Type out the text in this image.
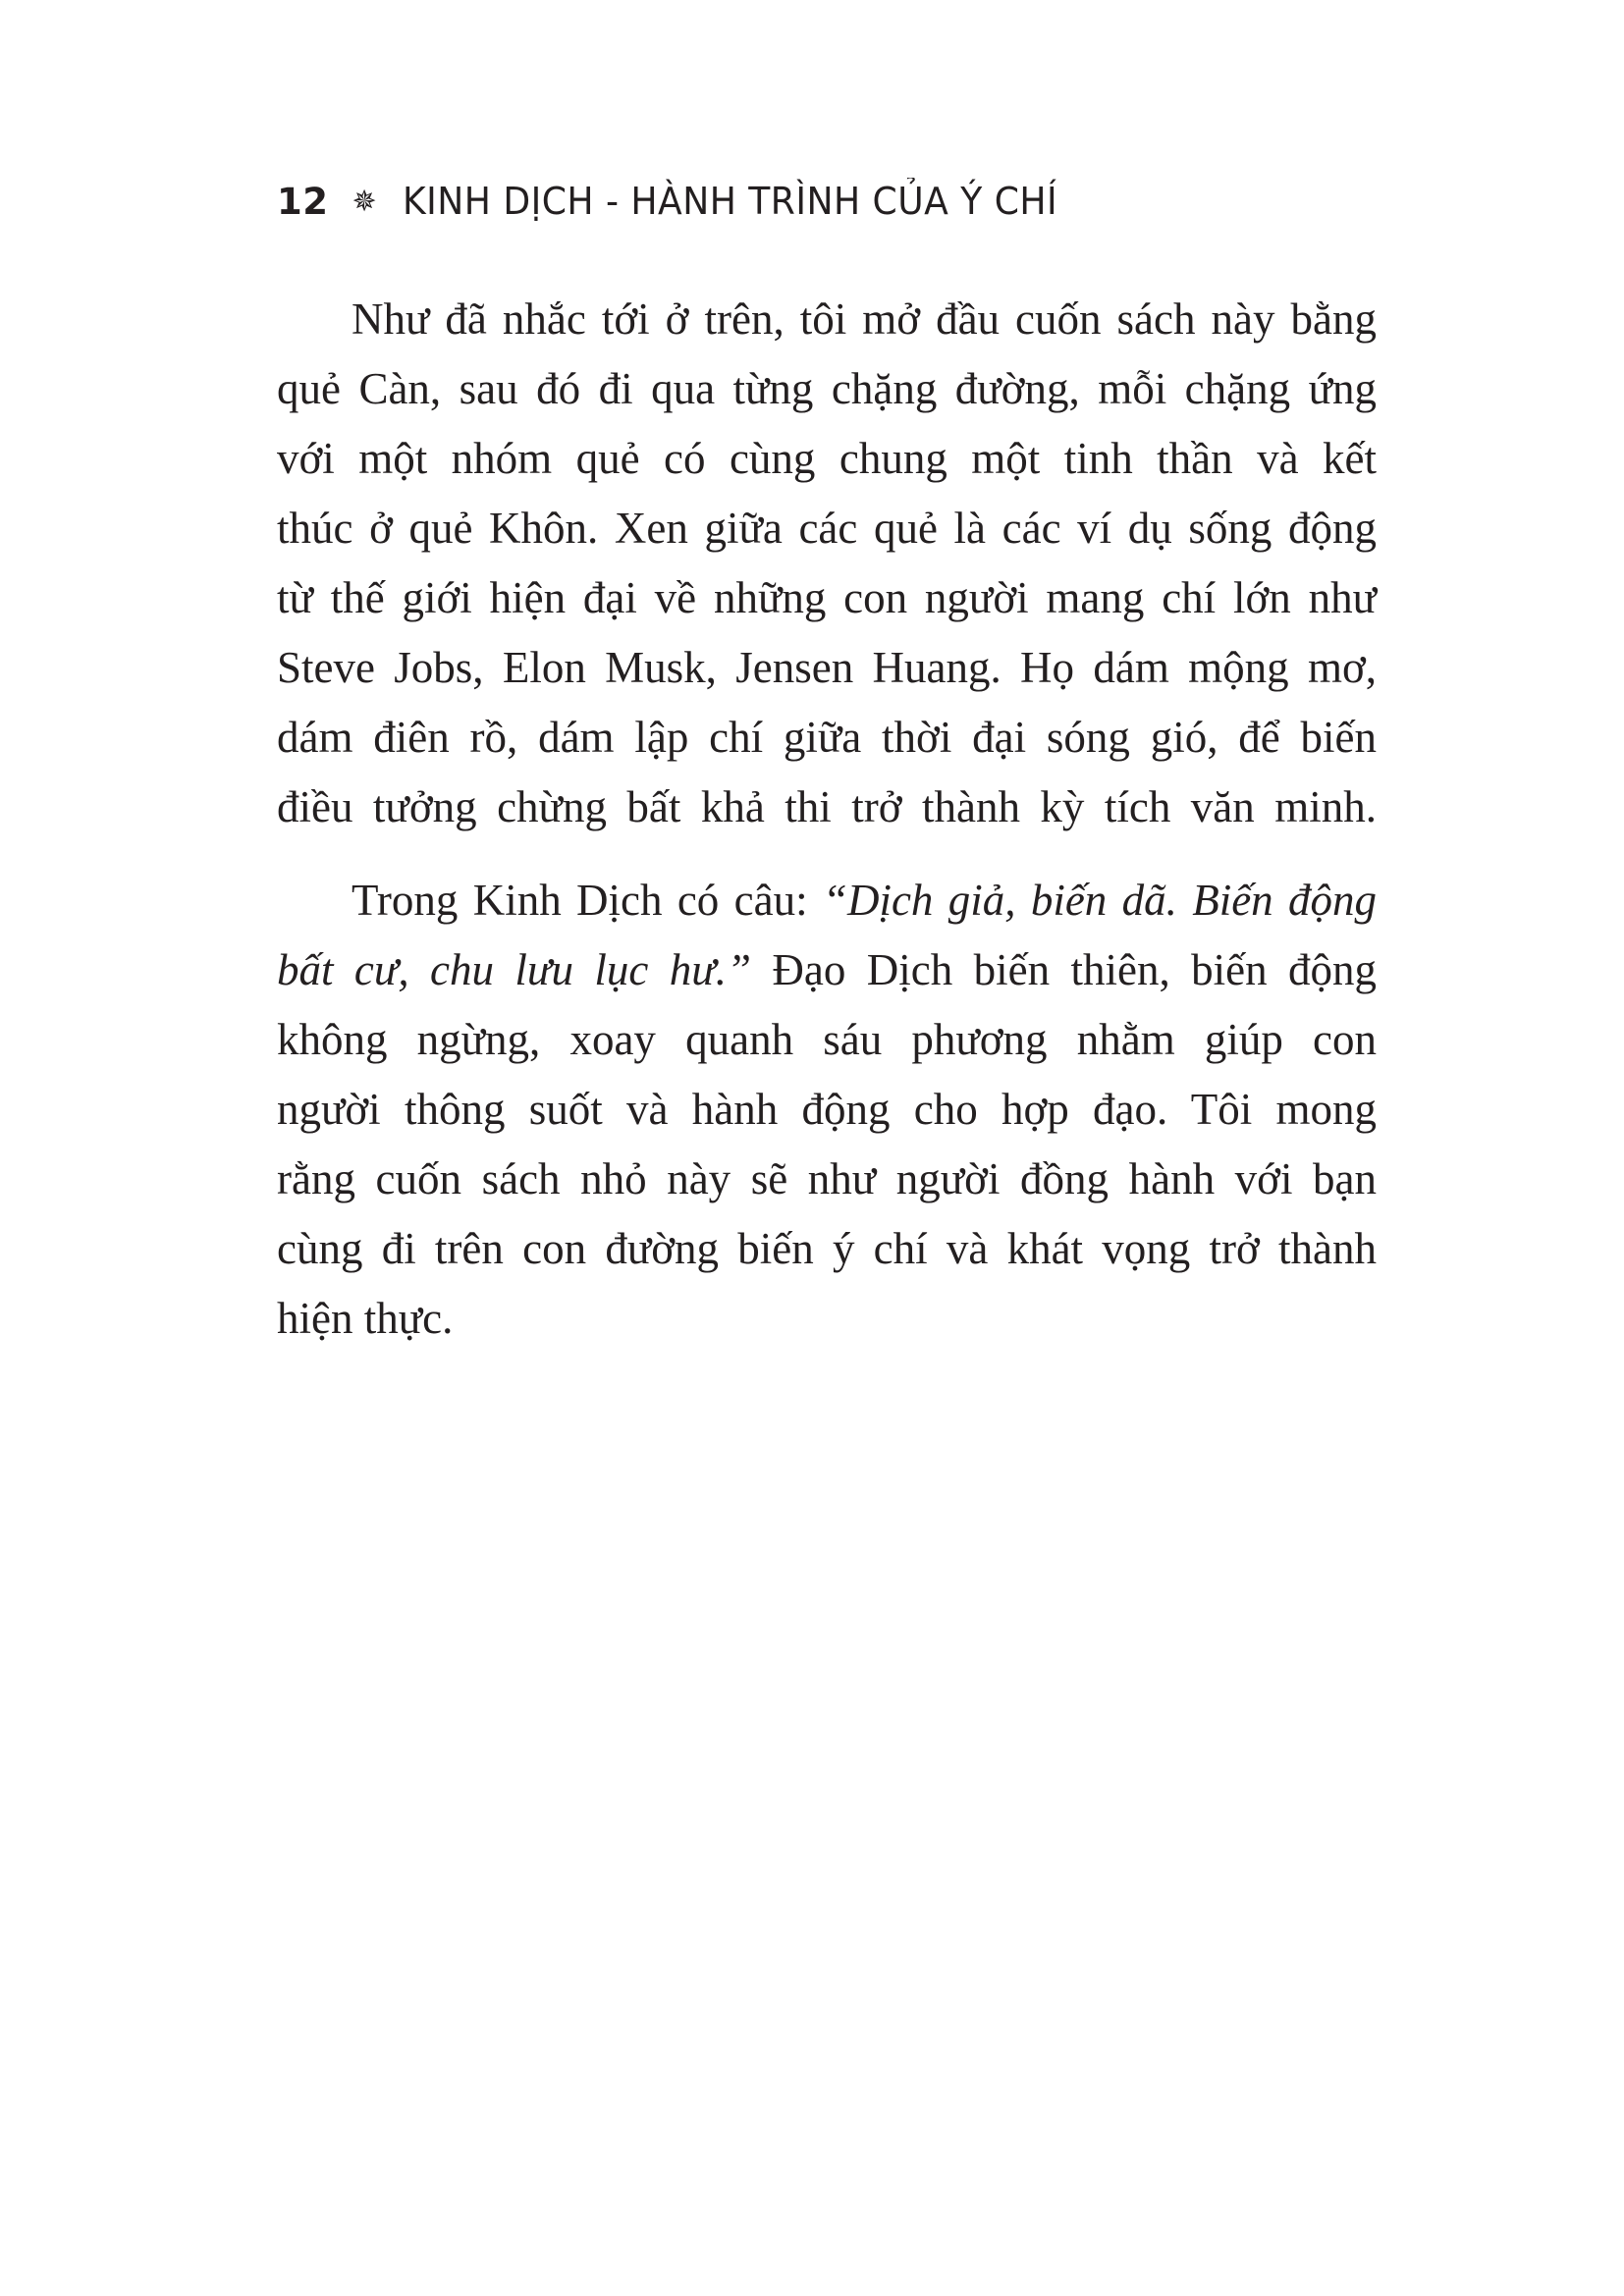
12 ✵ KINH DỊCH - HÀNH TRÌNH CỦA Ý CHÍ
Như đã nhắc tới ở trên, tôi mở đầu cuốn sách này bằng
quẻ Càn, sau đó đi qua từng chặng đường, mỗi chặng ứng
với một nhóm quẻ có cùng chung một tinh thần và kết
thúc ở quẻ Khôn. Xen giữa các quẻ là các ví dụ sống động
từ thế giới hiện đại về những con người mang chí lớn như
Steve Jobs, Elon Musk, Jensen Huang. Họ dám mộng mơ,
dám điên rồ, dám lập chí giữa thời đại sóng gió, để biến
điều tưởng chừng bất khả thi trở thành kỳ tích văn minh.
Trong Kinh Dịch có câu: “Dịch giả, biến dã. Biến động
bất cư, chu lưu lục hư.” Đạo Dịch biến thiên, biến động
không ngừng, xoay quanh sáu phương nhằm giúp con
người thông suốt và hành động cho hợp đạo. Tôi mong
rằng cuốn sách nhỏ này sẽ như người đồng hành với bạn
cùng đi trên con đường biến ý chí và khát vọng trở thành
hiện thực.
